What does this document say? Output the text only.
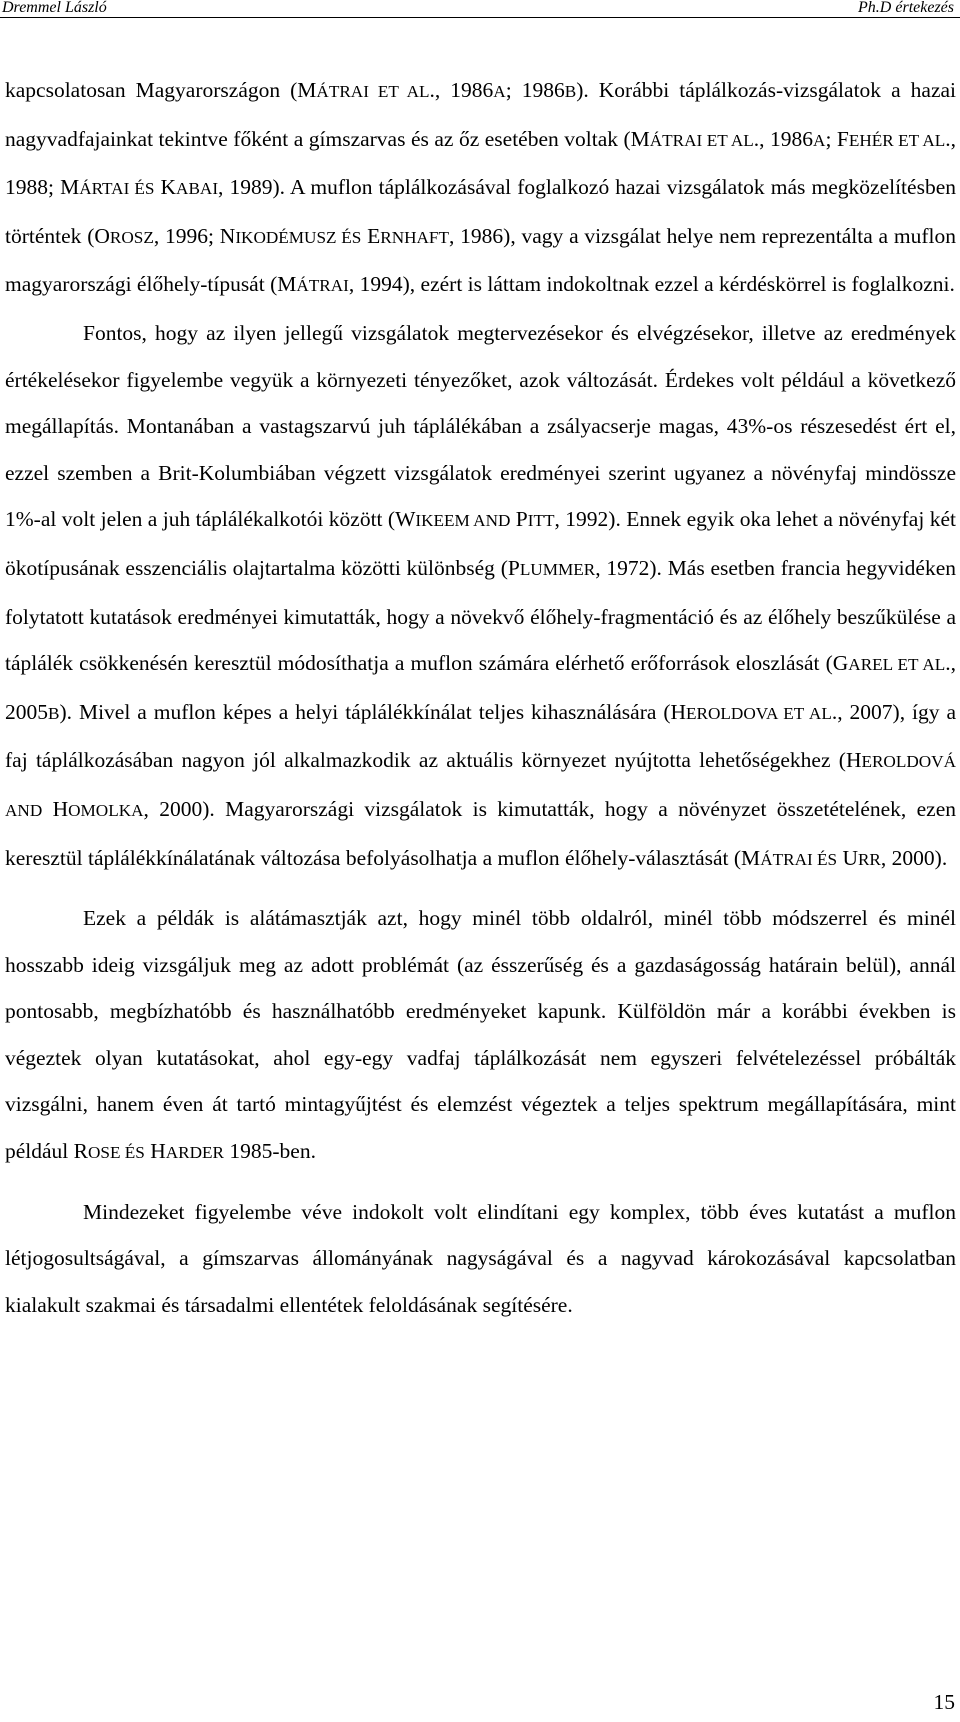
Dremmel László	Ph.D értekezés

kapcsolatosan Magyarországon (MÁTRAI ET AL., 1986A; 1986B). Korábbi táplálkozás-vizsgálatok a hazai nagyvadfajainkat tekintve főként a gímszarvas és az őz esetében voltak (MÁTRAI ET AL., 1986A; FEHÉR ET AL., 1988; MÁRTAI ÉS KABAI, 1989). A muflon táplálkozásával foglalkozó hazai vizsgálatok más megközelítésben történtek (OROSZ, 1996; NIKODÉMUSZ ÉS ERNHAFT, 1986), vagy a vizsgálat helye nem reprezentálta a muflon magyarországi élőhely-típusát (MÁTRAI, 1994), ezért is láttam indokoltnak ezzel a kérdéskörrel is foglalkozni.

Fontos, hogy az ilyen jellegű vizsgálatok megtervezésekor és elvégzésekor, illetve az eredmények értékelésekor figyelembe vegyük a környezeti tényezőket, azok változását. Érdekes volt például a következő megállapítás. Montanában a vastagszarvú juh táplálékában a zsályacserje magas, 43%-os részesedést ért el, ezzel szemben a Brit-Kolumbiában végzett vizsgálatok eredményei szerint ugyanez a növényfaj mindössze 1%-al volt jelen a juh táplálékalkotói között (WIKEEM AND PITT, 1992). Ennek egyik oka lehet a növényfaj két ökotípusának esszenciális olajtartalma közötti különbség (PLUMMER, 1972). Más esetben francia hegyvidéken folytatott kutatások eredményei kimutatták, hogy a növekvő élőhely-fragmentáció és az élőhely beszűkülése a táplálék csökkenésén keresztül módosíthatja a muflon számára elérhető erőforrások eloszlását (GAREL ET AL., 2005B). Mivel a muflon képes a helyi táplálékkínálat teljes kihasználására (HEROLDOVA ET AL., 2007), így a faj táplálkozásában nagyon jól alkalmazkodik az aktuális környezet nyújtotta lehetőségekhez (HEROLDOVÁ AND HOMOLKA, 2000). Magyarországi vizsgálatok is kimutatták, hogy a növényzet összetételének, ezen keresztül táplálékkínálatának változása befolyásolhatja a muflon élőhely-választását (MÁTRAI ÉS URR, 2000).

Ezek a példák is alátámasztják azt, hogy minél több oldalról, minél több módszerrel és minél hosszabb ideig vizsgáljuk meg az adott problémát (az ésszerűség és a gazdaságosság határain belül), annál pontosabb, megbízhatóbb és használhatóbb eredményeket kapunk. Külföldön már a korábbi években is végeztek olyan kutatásokat, ahol egy-egy vadfaj táplálkozását nem egyszeri felvételezéssel próbálták vizsgálni, hanem éven át tartó mintagyűjtést és elemzést végeztek a teljes spektrum megállapítására, mint például ROSE ÉS HARDER 1985-ben.

Mindezeket figyelembe véve indokolt volt elindítani egy komplex, több éves kutatást a muflon létjogosultságával, a gímszarvas állományának nagyságával és a nagyvad károkozásával kapcsolatban kialakult szakmai és társadalmi ellentétek feloldásának segítésére.

15
